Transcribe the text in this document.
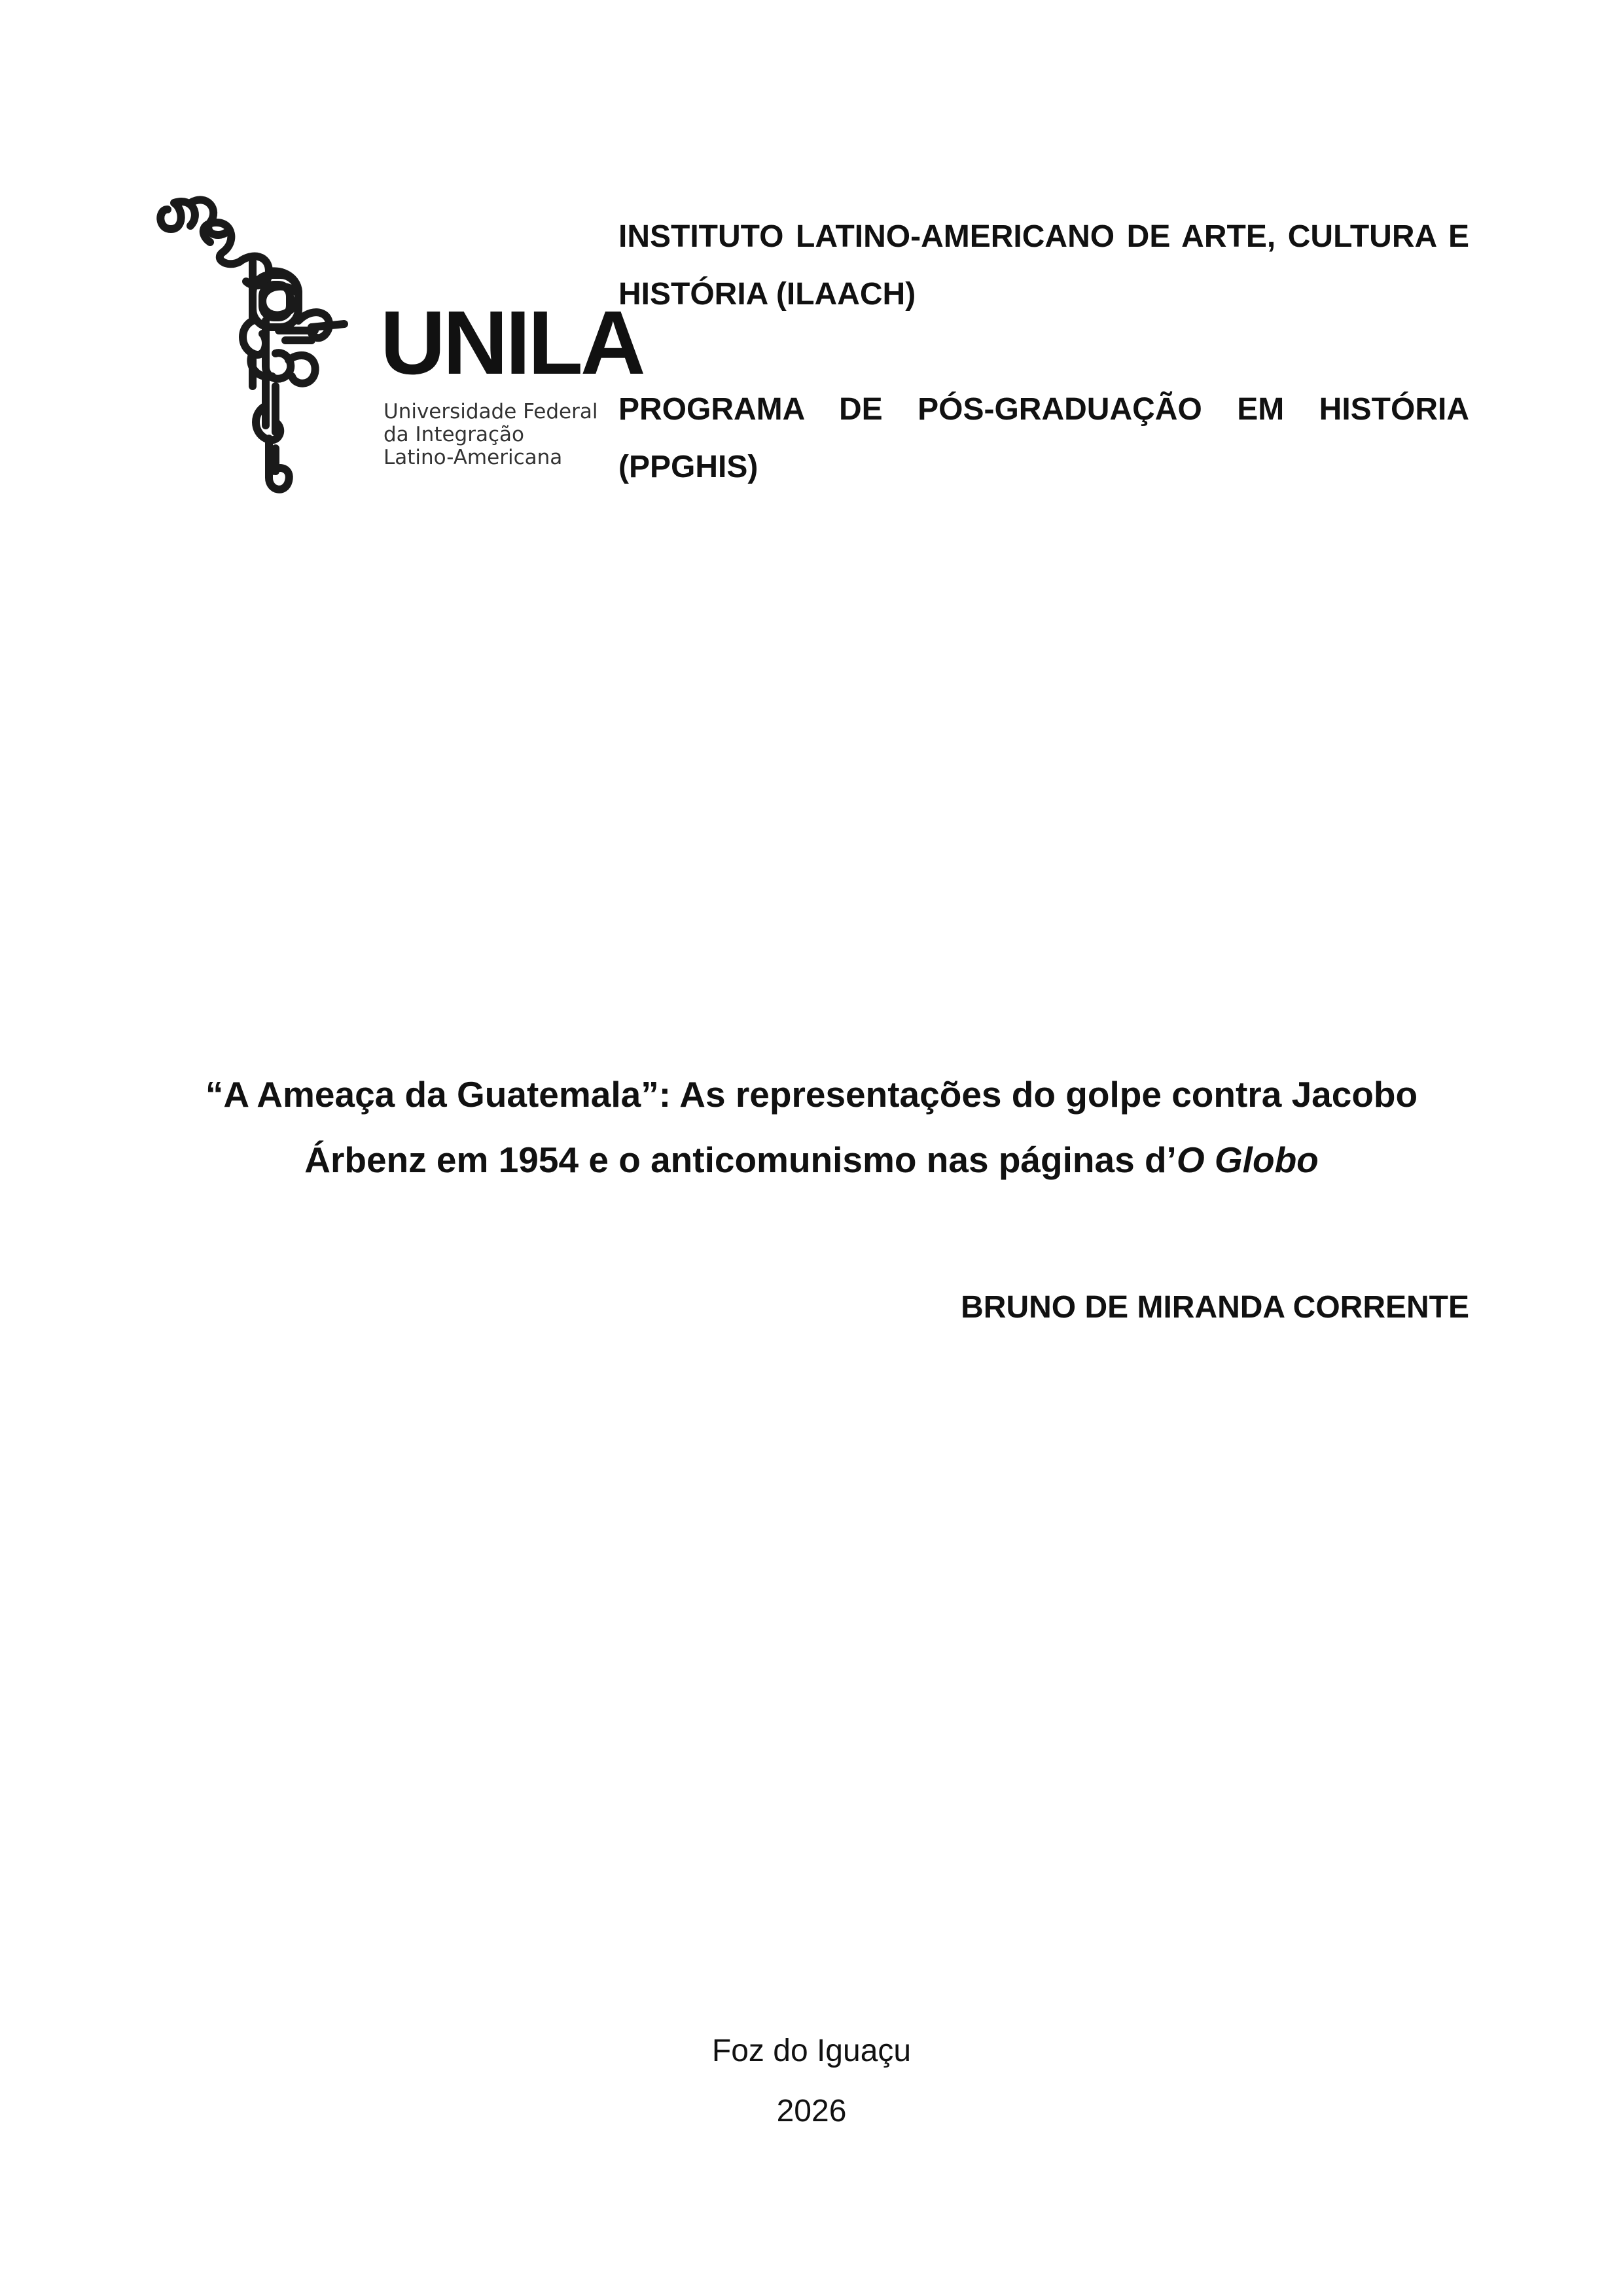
UNILA
Universidade Federal
da Integração
Latino-Americana

INSTITUTO LATINO-AMERICANO DE ARTE, CULTURA E HISTÓRIA (ILAACH)

PROGRAMA DE PÓS-GRADUAÇÃO EM HISTÓRIA (PPGHIS)

“A Ameaça da Guatemala”: As representações do golpe contra Jacobo Árbenz em 1954 e o anticomunismo nas páginas d’O Globo
BRUNO DE MIRANDA CORRENTE

Foz do Iguaçu

2026
